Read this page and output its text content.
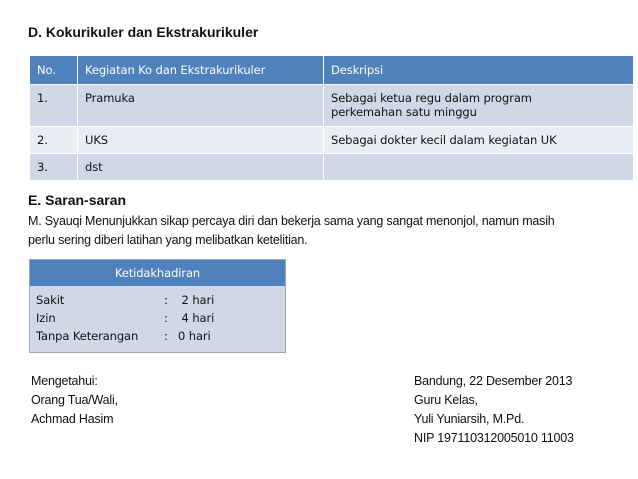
D. Kokurikuler dan Ekstrakurikuler
No.	Kegiatan Ko dan Ekstrakurikuler	Deskripsi
1.	Pramuka	Sebagai ketua regu dalam program
perkemahan satu minggu

2.	UKS	Sebagai dokter kecil dalam kegiatan UK
3.	dst	
E. Saran-saran
M. Syauqi Menunjukkan sikap percaya diri dan bekerja sama yang sangat menonjol, namun masih
perlu sering diberi latihan yang melibatkan ketelitian.
Ketidakhadiran
Sakit	: 2 hari
Izin	: 4 hari
Tanpa Keterangan : 0 hari
Mengetahui:
Orang Tua/Wali,
Achmad Hasim
Bandung, 22 Desember 2013
Guru Kelas,
Yuli Yuniarsih, M.Pd.
NIP 197110312005010 11003
